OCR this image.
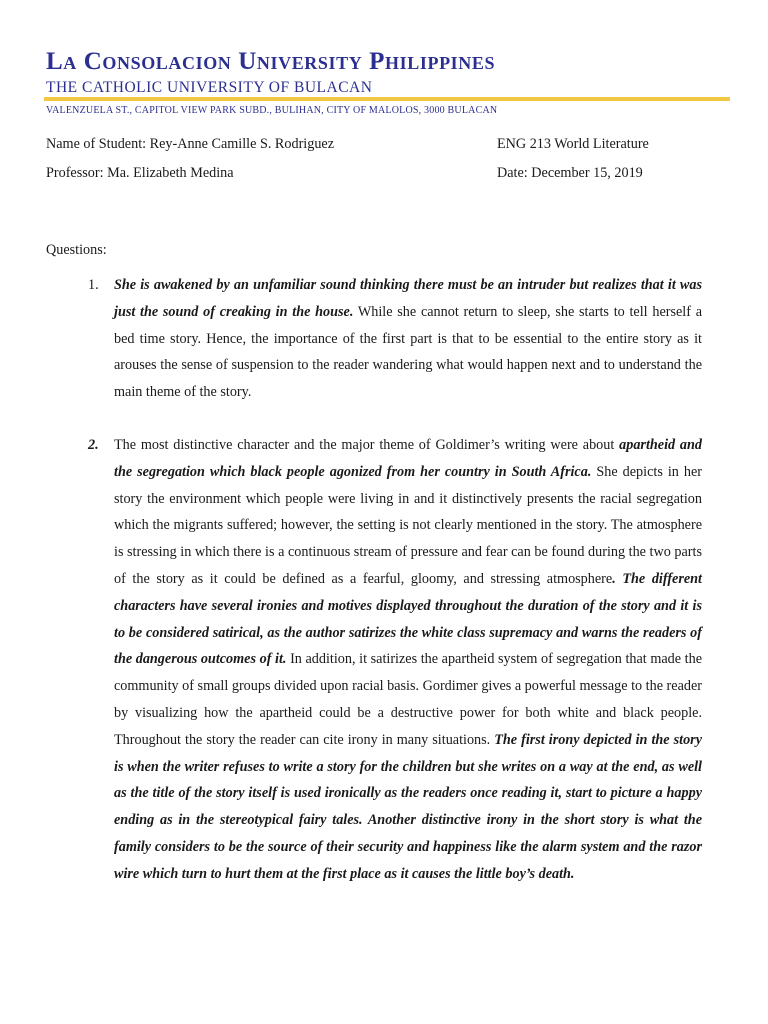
La Consolacion University Philippines
THE CATHOLIC UNIVERSITY OF BULACAN
VALENZUELA ST., CAPITOL VIEW PARK SUBD., BULIHAN, CITY OF MALOLOS, 3000 BULACAN
Name of Student: Rey-Anne Camille S. Rodriguez	ENG 213 World Literature
Professor: Ma. Elizabeth Medina	Date: December 15, 2019
Questions:
1. She is awakened by an unfamiliar sound thinking there must be an intruder but realizes that it was just the sound of creaking in the house. While she cannot return to sleep, she starts to tell herself a bed time story. Hence, the importance of the first part is that to be essential to the entire story as it arouses the sense of suspension to the reader wandering what would happen next and to understand the main theme of the story.
2. The most distinctive character and the major theme of Goldimer’s writing were about apartheid and the segregation which black people agonized from her country in South Africa. She depicts in her story the environment which people were living in and it distinctively presents the racial segregation which the migrants suffered; however, the setting is not clearly mentioned in the story. The atmosphere is stressing in which there is a continuous stream of pressure and fear can be found during the two parts of the story as it could be defined as a fearful, gloomy, and stressing atmosphere. The different characters have several ironies and motives displayed throughout the duration of the story and it is to be considered satirical, as the author satirizes the white class supremacy and warns the readers of the dangerous outcomes of it. In addition, it satirizes the apartheid system of segregation that made the community of small groups divided upon racial basis. Gordimer gives a powerful message to the reader by visualizing how the apartheid could be a destructive power for both white and black people. Throughout the story the reader can cite irony in many situations. The first irony depicted in the story is when the writer refuses to write a story for the children but she writes on a way at the end, as well as the title of the story itself is used ironically as the readers once reading it, start to picture a happy ending as in the stereotypical fairy tales. Another distinctive irony in the short story is what the family considers to be the source of their security and happiness like the alarm system and the razor wire which turn to hurt them at the first place as it causes the little boy’s death.
